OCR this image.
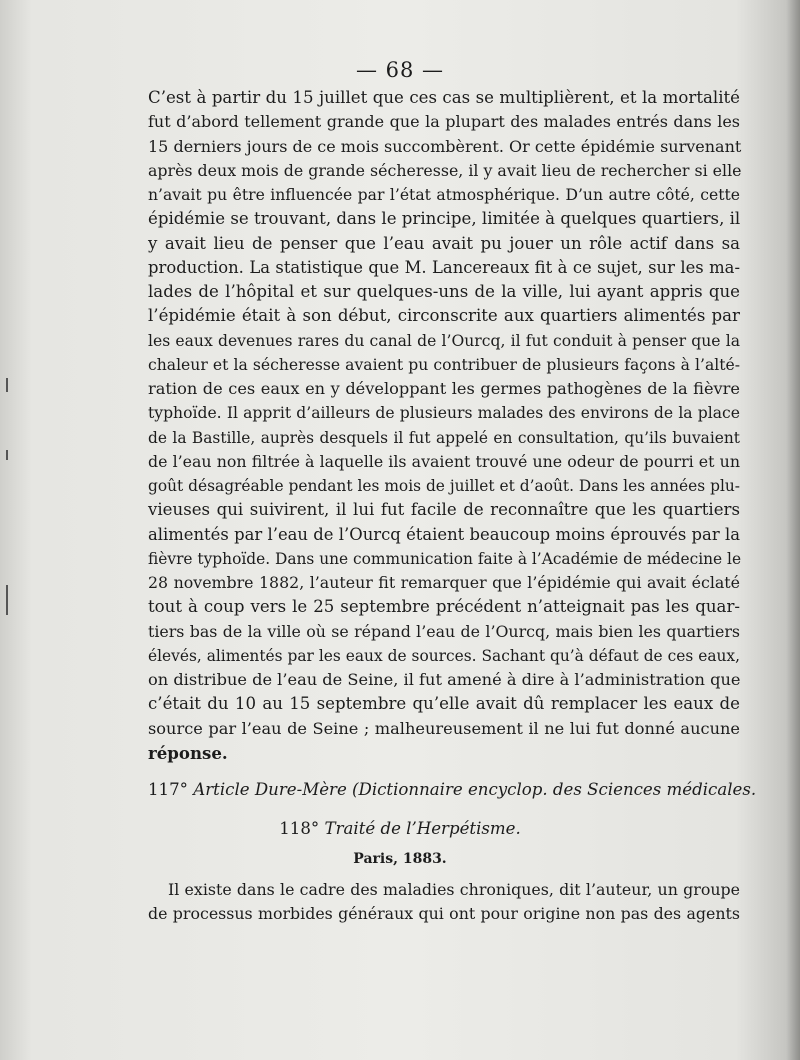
— 68 —
C’est à partir du 15 juillet que ces cas se multiplièrent, et la mortalité
fut d’abord tellement grande que la plupart des malades entrés dans les
15 derniers jours de ce mois succombèrent. Or cette épidémie survenant
après deux mois de grande sécheresse, il y avait lieu de rechercher si elle
n’avait pu être influencée par l’état atmosphérique. D’un autre côté, cette
épidémie se trouvant, dans le principe, limitée à quelques quartiers, il
y avait lieu de penser que l’eau avait pu jouer un rôle actif dans sa
production. La statistique que M. Lancereaux fit à ce sujet, sur les ma-
lades de l’hôpital et sur quelques-uns de la ville, lui ayant appris que
l’épidémie était à son début, circonscrite aux quartiers alimentés par
les eaux devenues rares du canal de l’Ourcq, il fut conduit à penser que la
chaleur et la sécheresse avaient pu contribuer de plusieurs façons à l’alté-
ration de ces eaux en y développant les germes pathogènes de la fièvre
typhoïde. Il apprit d’ailleurs de plusieurs malades des environs de la place
de la Bastille, auprès desquels il fut appelé en consultation, qu’ils buvaient
de l’eau non filtrée à laquelle ils avaient trouvé une odeur de pourri et un
goût désagréable pendant les mois de juillet et d’août. Dans les années plu-
vieuses qui suivirent, il lui fut facile de reconnaître que les quartiers
alimentés par l’eau de l’Ourcq étaient beaucoup moins éprouvés par la
fièvre typhoïde. Dans une communication faite à l’Académie de médecine le
28 novembre 1882, l’auteur fit remarquer que l’épidémie qui avait éclaté
tout à coup vers le 25 septembre précédent n’atteignait pas les quar-
tiers bas de la ville où se répand l’eau de l’Ourcq, mais bien les quartiers
élevés, alimentés par les eaux de sources. Sachant qu’à défaut de ces eaux,
on distribue de l’eau de Seine, il fut amené à dire à l’administration que
c’était du 10 au 15 septembre qu’elle avait dû remplacer les eaux de
source par l’eau de Seine ; malheureusement il ne lui fut donné aucune
réponse.
117° Article Dure-Mère (Dictionnaire encyclop. des Sciences médicales.
118° Traité de l’Herpétisme.
Paris, 1883.
Il existe dans le cadre des maladies chroniques, dit l’auteur, un groupe
de processus morbides généraux qui ont pour origine non pas des agents
